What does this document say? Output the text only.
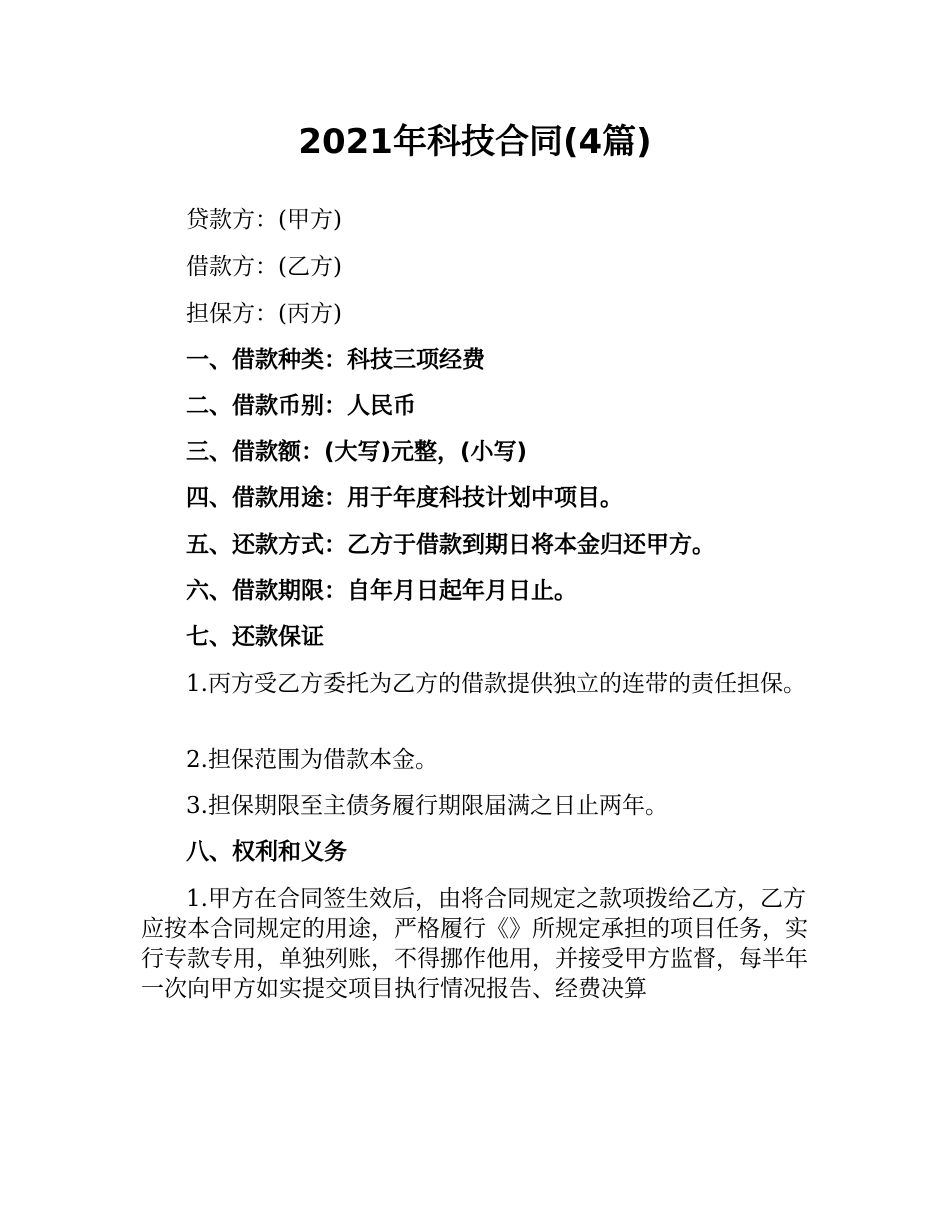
2021年科技合同(4篇)

贷款方：(甲方)

借款方：(乙方)

担保方：(丙方)

一、借款种类：科技三项经费

二、借款币别：人民币

三、借款额：(大写)元整，(小写)

四、借款用途：用于年度科技计划中项目。

五、还款方式：乙方于借款到期日将本金归还甲方。

六、借款期限：自年月日起年月日止。

七、还款保证

1.丙方受乙方委托为乙方的借款提供独立的连带的责任担保。

2.担保范围为借款本金。

3.担保期限至主债务履行期限届满之日止两年。

八、权利和义务

1.甲方在合同签生效后，由将合同规定之款项拨给乙方，乙方应按本合同规定的用途，严格履行《》所规定承担的项目任务，实行专款专用，单独列账，不得挪作他用，并接受甲方监督，每半年一次向甲方如实提交项目执行情况报告、经费决算
